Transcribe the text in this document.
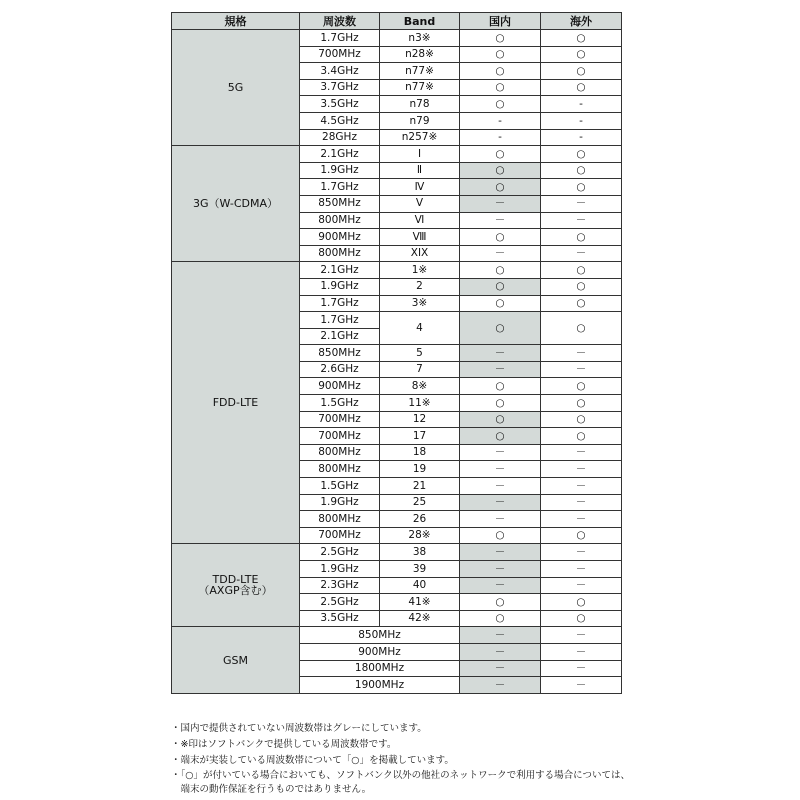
規格	周波数	Band	国内	海外

5G	1.7GHz	n3※	○	○
	700MHz	n28※	○	○
	3.4GHz	n77※	○	○
	3.7GHz	n77※	○	○
	3.5GHz	n78	○	-
	4.5GHz	n79	-	-
	28GHz	n257※	-	-

3G（W-CDMA）	2.1GHz	Ⅰ	○	○
	1.9GHz	Ⅱ	○	○
	1.7GHz	Ⅳ	○	○
	850MHz	Ⅴ	－	－
	800MHz	Ⅵ	－	－
	900MHz	Ⅷ	○	○
	800MHz	XIX	－	－

FDD-LTE	2.1GHz	1※	○	○
	1.9GHz	2	○	○
	1.7GHz	3※	○	○
	1.7GHz	4	○	○
	2.1GHz			
	850MHz	5	－	－
	2.6GHz	7	－	－
	900MHz	8※	○	○
	1.5GHz	11※	○	○
	700MHz	12	○	○
	700MHz	17	○	○
	800MHz	18	－	－
	800MHz	19	－	－
	1.5GHz	21	－	－
	1.9GHz	25	－	－
	800MHz	26	－	－
	700MHz	28※	○	○

TDD-LTE
（AXGP含む）	2.5GHz	38	－	－
	1.9GHz	39	－	－
	2.3GHz	40	－	－
	2.5GHz	41※	○	○
	3.5GHz	42※	○	○

GSM	850MHz		－	－
	900MHz		－	－
	1800MHz		－	－
	1900MHz		－	－

・国内で提供されていない周波数帯はグレーにしています。

・※印はソフトバンクで提供している周波数帯です。

・端末が実装している周波数帯について「○」を掲載しています。

・「○」が付いている場合においても、ソフトバンク以外の他社のネットワークで利用する場合については、

　端末の動作保証を行うものではありません。
